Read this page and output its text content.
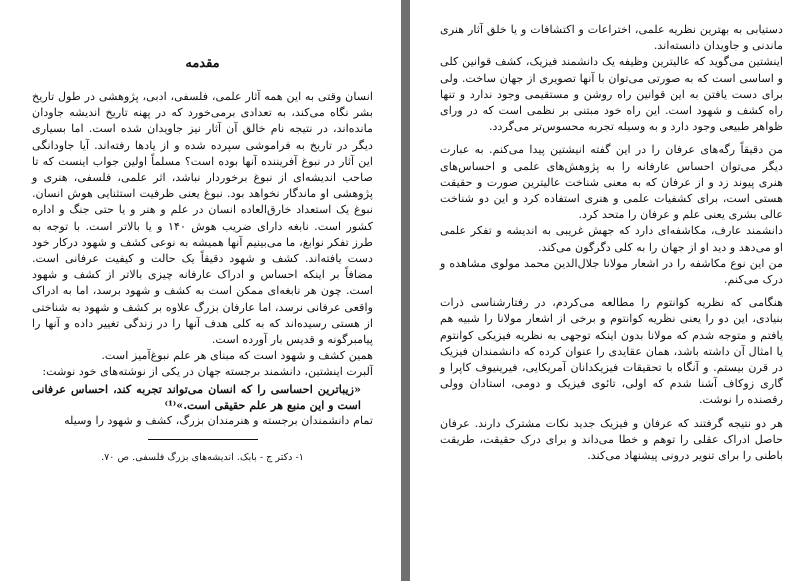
مقدمه

انسان وقتی به این همه آثار علمی، فلسفی، ادبی، پژوهشی در طول تاریخ بشر نگاه می‌کند، به تعدادی برمی‌خورد که در پهنه تاریخ اندیشه جاودان مانده‌اند، در نتیجه نام خالق آن آثار نیز جاویدان شده است. اما بسیاری دیگر در تاریخ به فراموشی سپرده شده و از یادها رفته‌اند. آیا جاودانگی این آثار در نبوغ آفریننده آنها بوده است؟ مسلماً اولین جواب اینست که تا صاحب اندیشه‌ای از نبوغ برخوردار نباشد، اثر علمی، فلسفی، هنری و پژوهشی او ماندگار نخواهد بود. نبوغ یعنی ظرفیت استثنایی هوش انسان. نبوغ یک استعداد خارق‌العاده انسان در علم و هنر و یا حتی جنگ و اداره کشور است. نابغه دارای ضریب هوش ۱۴۰ و یا بالاتر است. با توجه به طرز تفکر نوابغ، ما می‌بینیم آنها همیشه به نوعی کشف و شهود درکار خود دست یافته‌اند. کشف و شهود دقیقاً یک حالت و کیفیت عرفانی است. مضافاً بر اینکه احساس و ادراک عارفانه چیزی بالاتر از کشف و شهود است. چون هر نابغه‌ای ممکن است به کشف و شهود برسد، اما به ادراک واقعی عرفانی نرسد، اما عارفان بزرگ علاوه بر کشف و شهود به شناختی از هستی رسیده‌اند که به کلی هدف آنها را در زندگی تغییر داده و آنها را پیامبرگونه و قدیس بار آورده است.

همین کشف و شهود است که مبنای هر علم نبوغ‌آمیز است.

آلبرت اینشتین، دانشمند برجسته جهان در یکی از نوشته‌های خود نوشت:

«زیباترین احساسی را که انسان می‌تواند تجربه کند، احساس عرفانی است و این منبع هر علم حقیقی است.»⁽¹⁾

تمام دانشمندان برجسته و هنرمندان بزرگ، کشف و شهود را وسیله

۱- دکتر ج - بابک. اندیشه‌های بزرگ فلسفی. ص ۷۰.

دستیابی به بهترین نظریه علمی، اختراعات و اکتشافات و یا خلق آثار هنری ماندنی و جاویدان دانسته‌اند.

اینشتین می‌گوید که عالیترین وظیفه یک دانشمند فیزیک، کشف قوانین کلی و اساسی است که به صورتی می‌توان با آنها تصویری از جهان ساخت. ولی برای دست یافتن به این قوانین راه روشن و مستقیمی وجود ندارد و تنها راه کشف و شهود است. این راه خود مبتنی بر نظمی است که در ورای ظواهر طبیعی وجود دارد و به وسیله تجربه محسوس‌تر می‌گردد.

من دقیقاً رگه‌های عرفان را در این گفته انیشتین پیدا می‌کنم. به عبارت دیگر می‌توان احساس عارفانه را به پژوهش‌های علمی و احساس‌های هنری پیوند زد و از عرفان که به معنی شناخت عالیترین صورت و حقیقت هستی است، برای کشفیات علمی و هنری استفاده کرد و این دو شناخت عالی بشری یعنی علم و عرفان را متحد کرد.

دانشمند عارف، مکاشفه‌ای دارد که جهش غریبی به اندیشه و تفکر علمی او می‌دهد و دید او از جهان را به کلی دگرگون می‌کند.

من این نوع مکاشفه را در اشعار مولانا جلال‌الدین محمد مولوی مشاهده و درک می‌کنم.

هنگامی که نظریه کوانتوم را مطالعه می‌کردم، در رفتارشناسی ذرات بنیادی، این دو را یعنی نظریه کوانتوم و برخی از اشعار مولانا را شبیه هم یافتم و متوجه شدم که مولانا بدون اینکه توجهی به نظریه فیزیکی کوانتوم یا امثال آن داشته باشد، همان عقایدی را عنوان کرده که دانشمندان فیزیک در قرن بیستم. و آنگاه با تحقیقات فیزیکدانان آمریکایی، فیرینیوف کاپرا و گاری زوکاف آشنا شدم که اولی، تائوی فیزیک و دومی، استادان وولی رقصنده را نوشت.

هر دو نتیجه گرفتند که عرفان و فیزیک جدید نکات مشترک دارند. عرفان حاصل ادراک عقلی را توهم و خطا می‌داند و برای درک حقیقت، طریقت باطنی را برای تنویر درونی پیشنهاد می‌کند.
